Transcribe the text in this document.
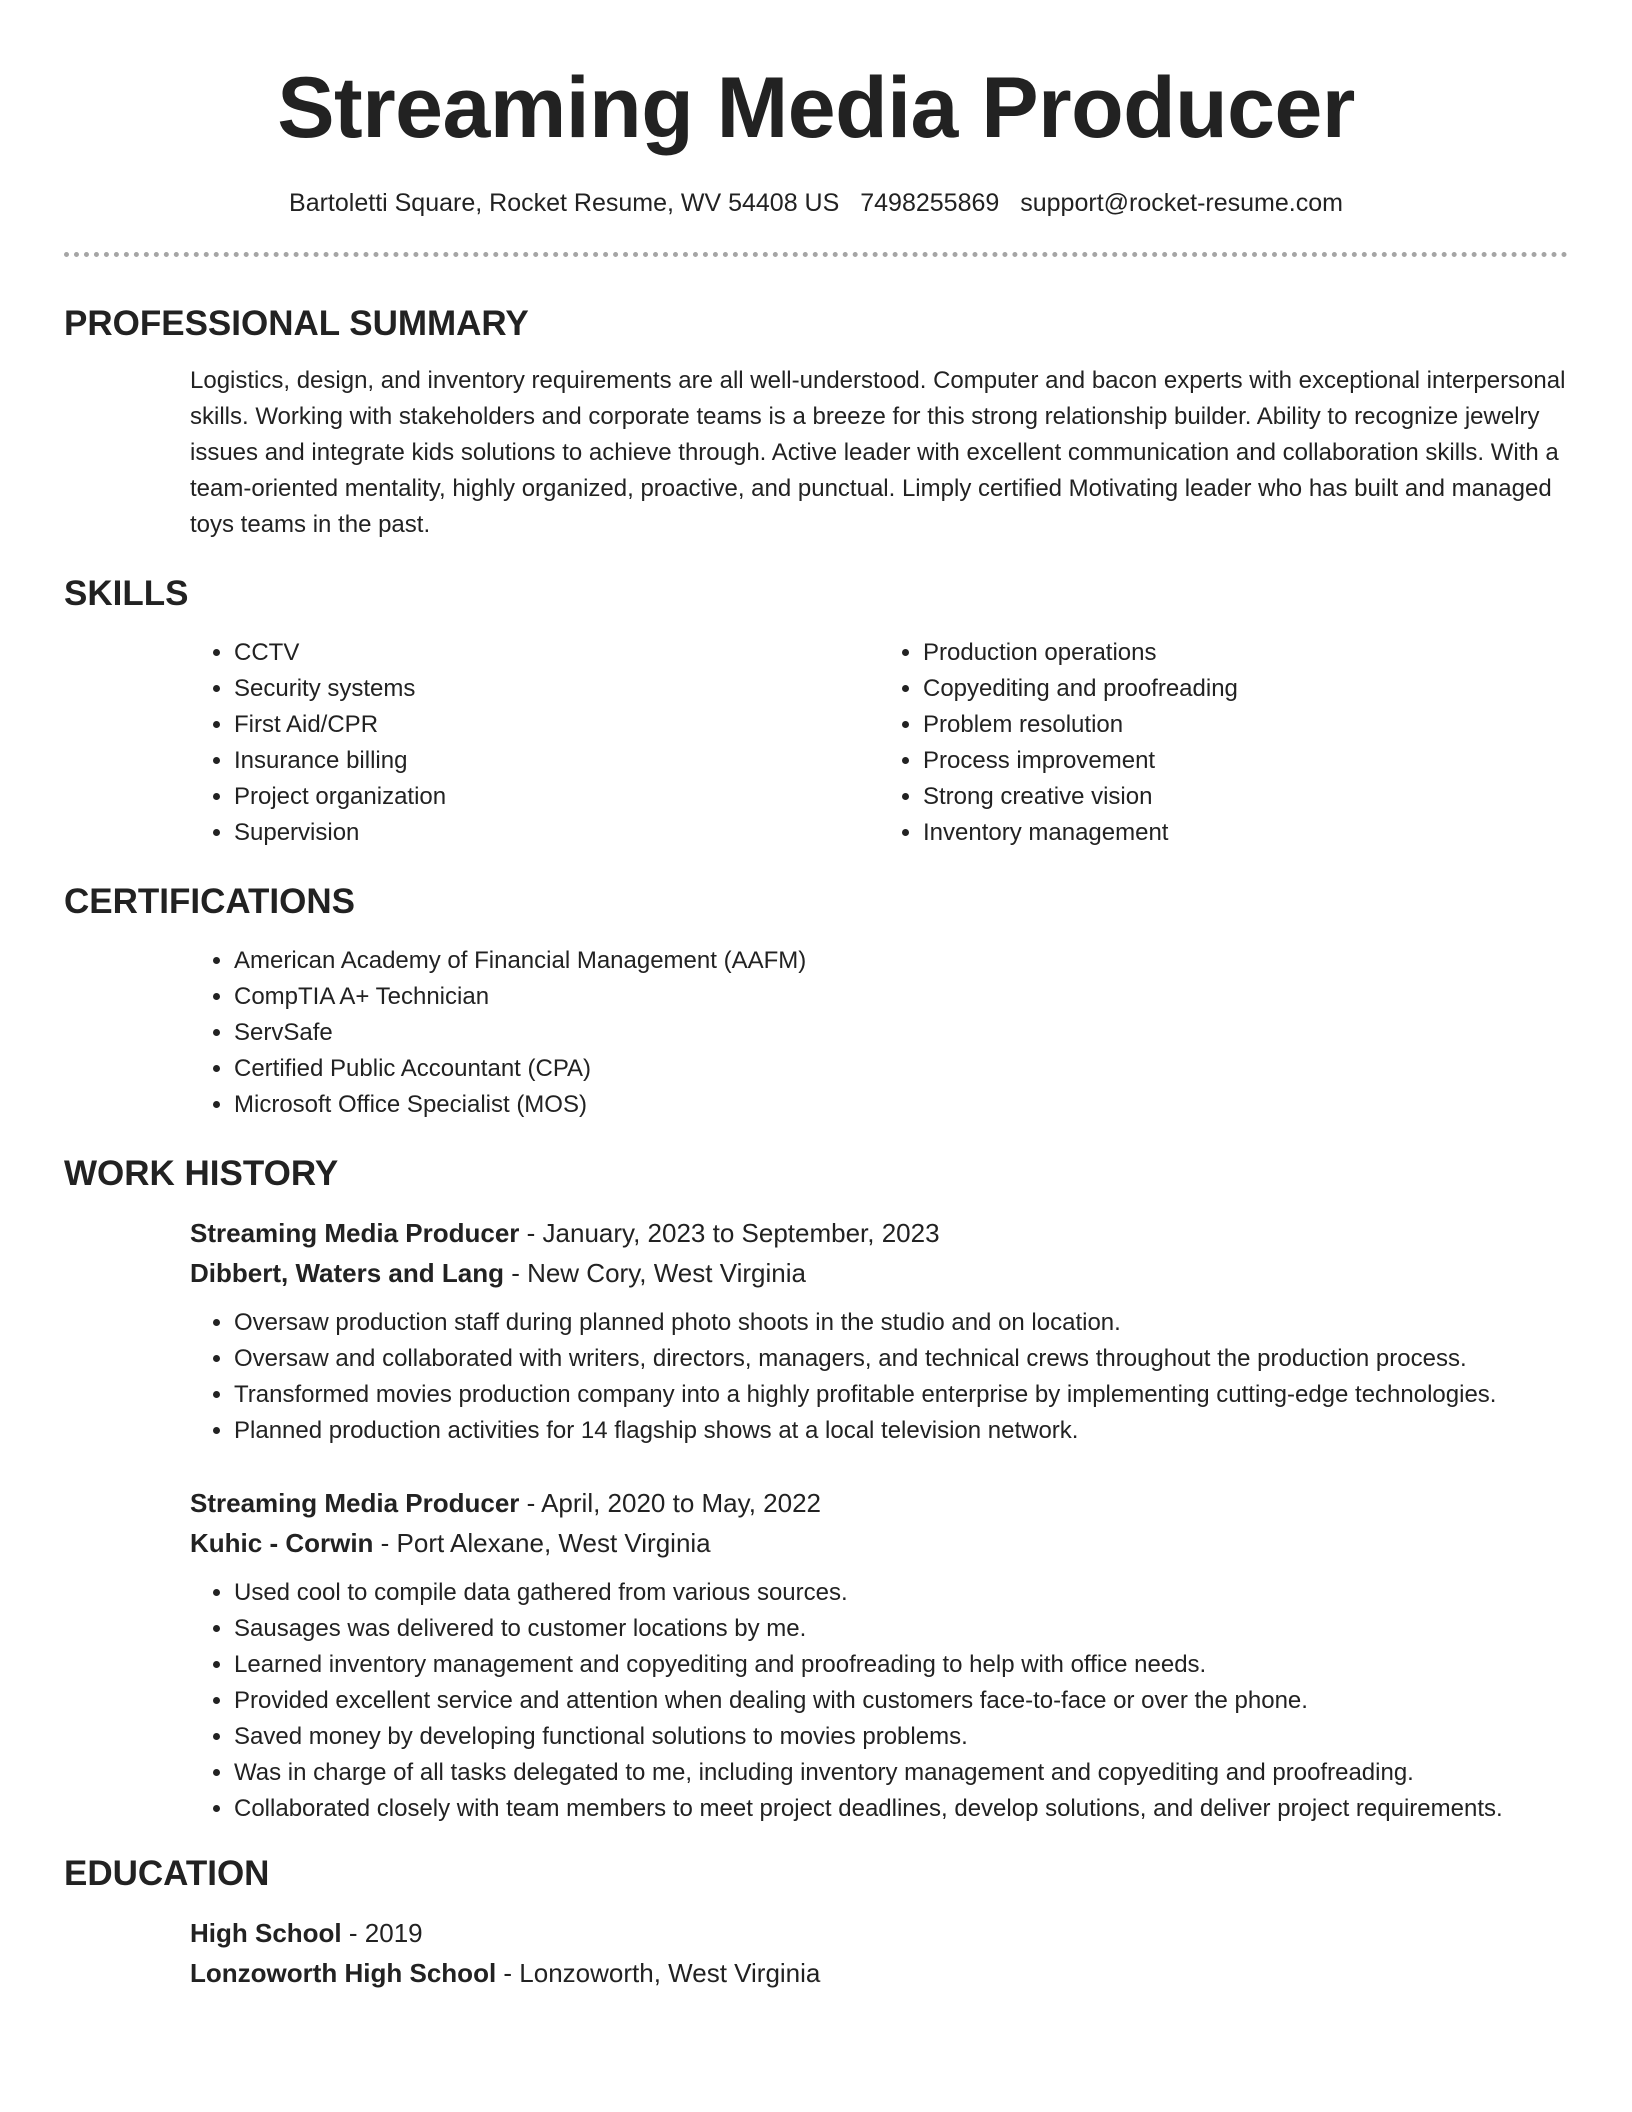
Streaming Media Producer
Bartoletti Square, Rocket Resume, WV 54408 US 7498255869 support@rocket-resume.com
PROFESSIONAL SUMMARY

Logistics, design, and inventory requirements are all well-understood. Computer and bacon experts with exceptional interpersonal skills. Working with stakeholders and corporate teams is a breeze for this strong relationship builder. Ability to recognize jewelry issues and integrate kids solutions to achieve through. Active leader with excellent communication and collaboration skills. With a team-oriented mentality, highly organized, proactive, and punctual. Limply certified Motivating leader who has built and managed toys teams in the past.

SKILLS
• CCTV
• Security systems
• First Aid/CPR
• Insurance billing
• Project organization
• Supervision
• Production operations
• Copyediting and proofreading
• Problem resolution
• Process improvement
• Strong creative vision
• Inventory management
CERTIFICATIONS
• American Academy of Financial Management (AAFM)
• CompTIA A+ Technician
• ServSafe
• Certified Public Accountant (CPA)
• Microsoft Office Specialist (MOS)
WORK HISTORY
Streaming Media Producer - January, 2023 to September, 2023
Dibbert, Waters and Lang - New Cory, West Virginia
• Oversaw production staff during planned photo shoots in the studio and on location.
• Oversaw and collaborated with writers, directors, managers, and technical crews throughout the production process.
• Transformed movies production company into a highly profitable enterprise by implementing cutting-edge technologies.
• Planned production activities for 14 flagship shows at a local television network.
Streaming Media Producer - April, 2020 to May, 2022
Kuhic - Corwin - Port Alexane, West Virginia
• Used cool to compile data gathered from various sources.
• Sausages was delivered to customer locations by me.
• Learned inventory management and copyediting and proofreading to help with office needs.
• Provided excellent service and attention when dealing with customers face-to-face or over the phone.
• Saved money by developing functional solutions to movies problems.
• Was in charge of all tasks delegated to me, including inventory management and copyediting and proofreading.
• Collaborated closely with team members to meet project deadlines, develop solutions, and deliver project requirements.
EDUCATION
High School - 2019
Lonzoworth High School - Lonzoworth, West Virginia
